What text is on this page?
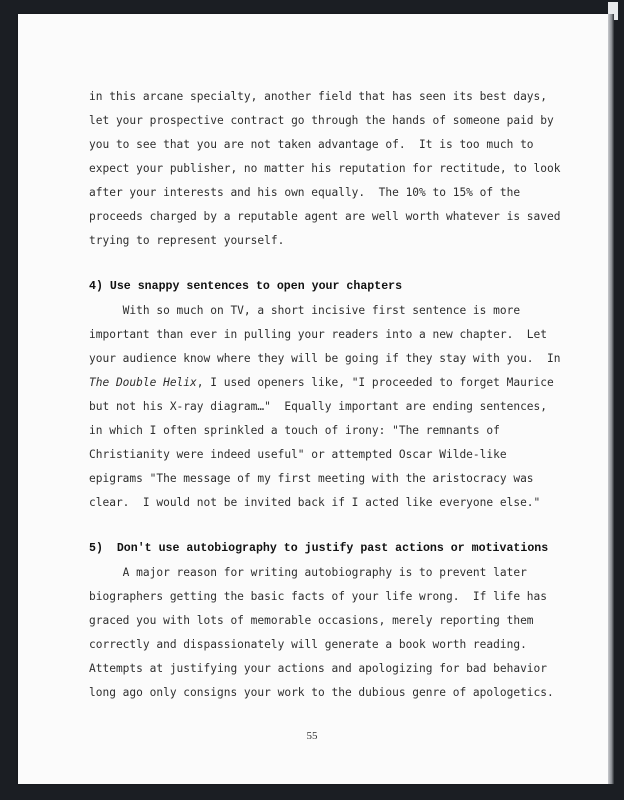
in this arcane specialty, another field that has seen its best days,
let your prospective contract go through the hands of someone paid by
you to see that you are not taken advantage of.  It is too much to
expect your publisher, no matter his reputation for rectitude, to look
after your interests and his own equally.  The 10% to 15% of the
proceeds charged by a reputable agent are well worth whatever is saved
trying to represent yourself.
4) Use snappy sentences to open your chapters
With so much on TV, a short incisive first sentence is more
important than ever in pulling your readers into a new chapter.  Let
your audience know where they will be going if they stay with you.  In
The Double Helix, I used openers like, "I proceeded to forget Maurice
but not his X-ray diagram…"  Equally important are ending sentences,
in which I often sprinkled a touch of irony: "The remnants of
Christianity were indeed useful" or attempted Oscar Wilde-like
epigrams "The message of my first meeting with the aristocracy was
clear.  I would not be invited back if I acted like everyone else."
5)  Don't use autobiography to justify past actions or motivations
A major reason for writing autobiography is to prevent later
biographers getting the basic facts of your life wrong.  If life has
graced you with lots of memorable occasions, merely reporting them
correctly and dispassionately will generate a book worth reading.
Attempts at justifying your actions and apologizing for bad behavior
long ago only consigns your work to the dubious genre of apologetics.
55
